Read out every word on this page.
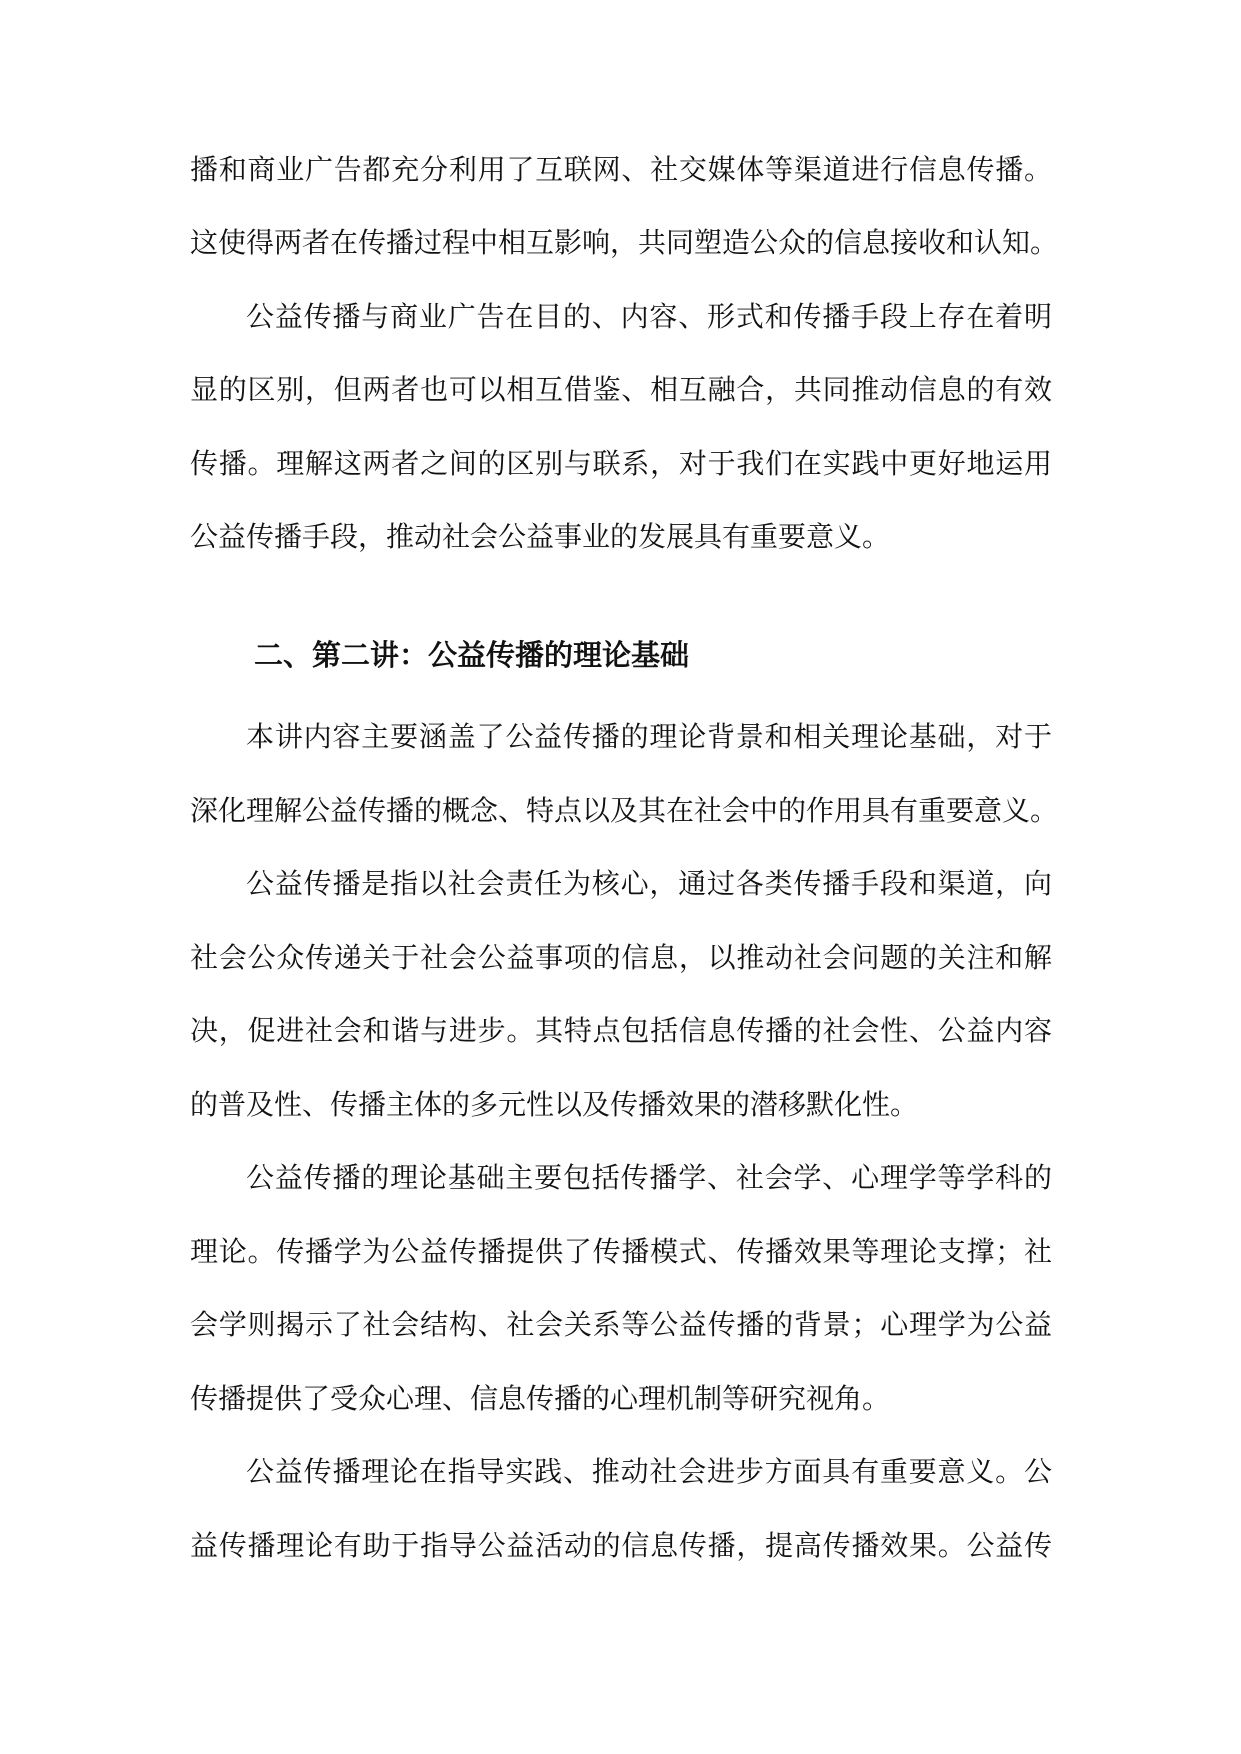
播和商业广告都充分利用了互联网、社交媒体等渠道进行信息传播。
这使得两者在传播过程中相互影响，共同塑造公众的信息接收和认知。
公益传播与商业广告在目的、内容、形式和传播手段上存在着明
显的区别，但两者也可以相互借鉴、相互融合，共同推动信息的有效
传播。理解这两者之间的区别与联系，对于我们在实践中更好地运用
公益传播手段，推动社会公益事业的发展具有重要意义。
二、第二讲：公益传播的理论基础
本讲内容主要涵盖了公益传播的理论背景和相关理论基础，对于
深化理解公益传播的概念、特点以及其在社会中的作用具有重要意义。
公益传播是指以社会责任为核心，通过各类传播手段和渠道，向
社会公众传递关于社会公益事项的信息，以推动社会问题的关注和解
决，促进社会和谐与进步。其特点包括信息传播的社会性、公益内容
的普及性、传播主体的多元性以及传播效果的潜移默化性。
公益传播的理论基础主要包括传播学、社会学、心理学等学科的
理论。传播学为公益传播提供了传播模式、传播效果等理论支撑；社
会学则揭示了社会结构、社会关系等公益传播的背景；心理学为公益
传播提供了受众心理、信息传播的心理机制等研究视角。
公益传播理论在指导实践、推动社会进步方面具有重要意义。公
益传播理论有助于指导公益活动的信息传播，提高传播效果。公益传
